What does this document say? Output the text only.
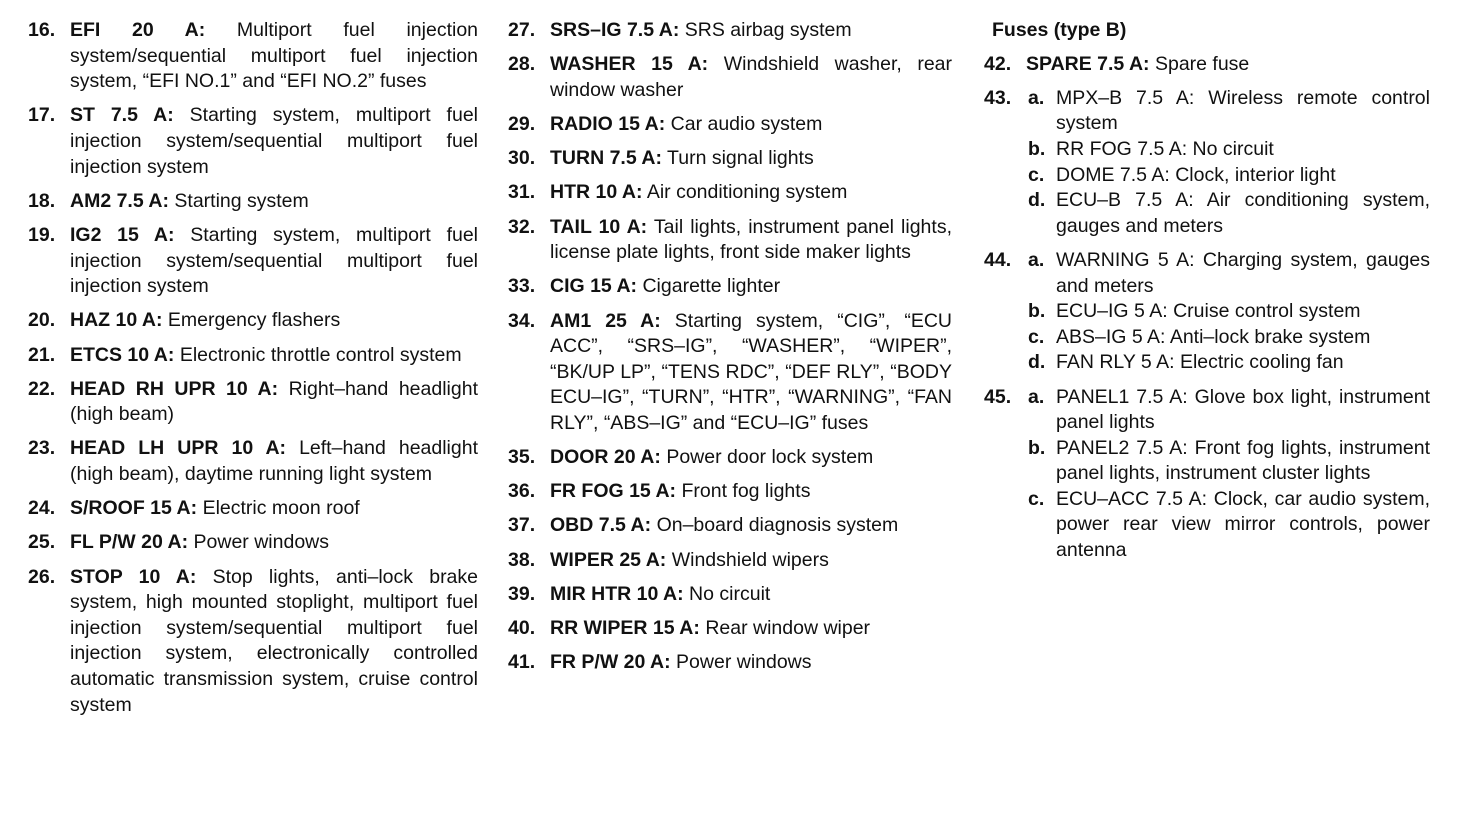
16. EFI 20 A: Multiport fuel injection system/sequential multiport fuel injection system, “EFI NO.1” and “EFI NO.2” fuses
17. ST 7.5 A: Starting system, multiport fuel injection system/sequential multiport fuel injection system
18. AM2 7.5 A: Starting system
19. IG2 15 A: Starting system, multiport fuel injection system/sequential multiport fuel injection system
20. HAZ 10 A: Emergency flashers
21. ETCS 10 A: Electronic throttle control system
22. HEAD RH UPR 10 A: Right–hand headlight (high beam)
23. HEAD LH UPR 10 A: Left–hand headlight (high beam), daytime running light system
24. S/ROOF 15 A: Electric moon roof
25. FL P/W 20 A: Power windows
26. STOP 10 A: Stop lights, anti–lock brake system, high mounted stoplight, multiport fuel injection system/sequential multiport fuel injection system, electronically controlled automatic transmission system, cruise control system
27. SRS–IG 7.5 A: SRS airbag system
28. WASHER 15 A: Windshield washer, rear window washer
29. RADIO 15 A: Car audio system
30. TURN 7.5 A: Turn signal lights
31. HTR 10 A: Air conditioning system
32. TAIL 10 A: Tail lights, instrument panel lights, license plate lights, front side maker lights
33. CIG 15 A: Cigarette lighter
34. AM1 25 A: Starting system, “CIG”, “ECU ACC”, “SRS–IG”, “WASHER”, “WIPER”, “BK/UP LP”, “TENS RDC”, “DEF RLY”, “BODY ECU–IG”, “TURN”, “HTR”, “WARNING”, “FAN RLY”, “ABS–IG” and “ECU–IG” fuses
35. DOOR 20 A: Power door lock system
36. FR FOG 15 A: Front fog lights
37. OBD 7.5 A: On–board diagnosis system
38. WIPER 25 A: Windshield wipers
39. MIR HTR 10 A: No circuit
40. RR WIPER 15 A: Rear window wiper
41. FR P/W 20 A: Power windows
Fuses (type B)
42. SPARE 7.5 A: Spare fuse
43. a. MPX–B 7.5 A: Wireless remote control system
b. RR FOG 7.5 A: No circuit
c. DOME 7.5 A: Clock, interior light
d. ECU–B 7.5 A: Air conditioning system, gauges and meters
44. a. WARNING 5 A: Charging system, gauges and meters
b. ECU–IG 5 A: Cruise control system
c. ABS–IG 5 A: Anti–lock brake system
d. FAN RLY 5 A: Electric cooling fan
45. a. PANEL1 7.5 A: Glove box light, instrument panel lights
b. PANEL2 7.5 A: Front fog lights, instrument panel lights, instrument cluster lights
c. ECU–ACC 7.5 A: Clock, car audio system, power rear view mirror controls, power antenna
